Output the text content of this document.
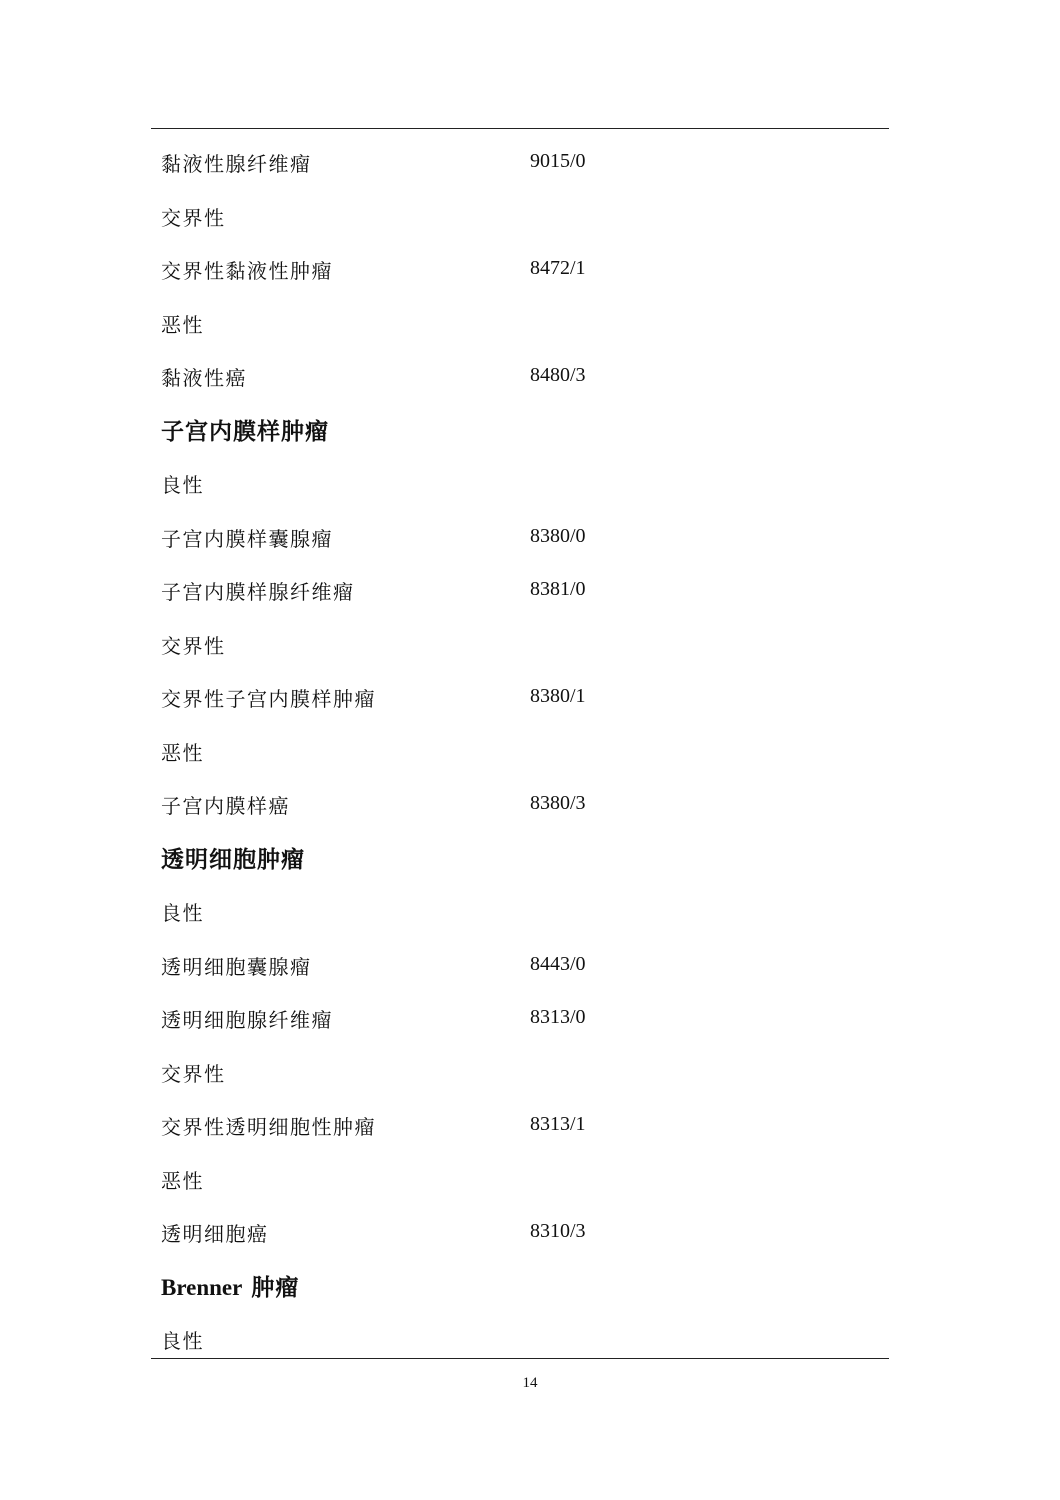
黏液性腺纤维瘤	9015/0
交界性
交界性黏液性肿瘤	8472/1
恶性
黏液性癌	8480/3
子宫内膜样肿瘤
良性
子宫内膜样囊腺瘤	8380/0
子宫内膜样腺纤维瘤	8381/0
交界性
交界性子宫内膜样肿瘤	8380/1
恶性
子宫内膜样癌	8380/3
透明细胞肿瘤
良性
透明细胞囊腺瘤	8443/0
透明细胞腺纤维瘤	8313/0
交界性
交界性透明细胞性肿瘤	8313/1
恶性
透明细胞癌	8310/3
Brenner 肿瘤
良性
14
